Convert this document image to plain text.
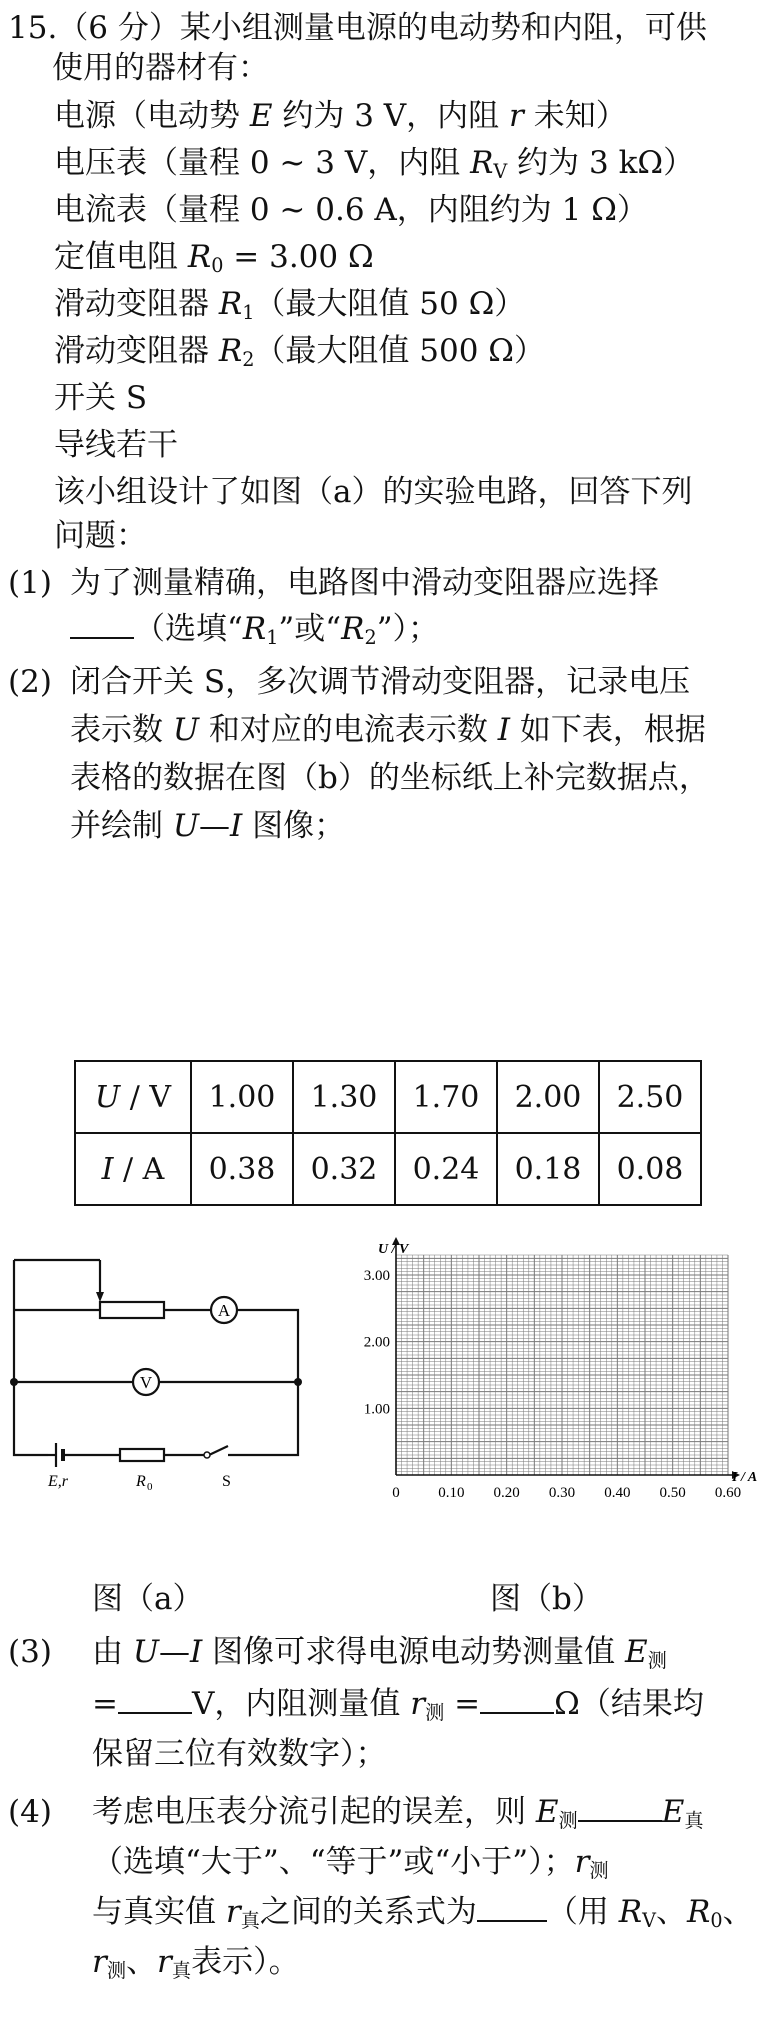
15.（6 分）某小组测量电源的电动势和内阻，可供
使用的器材有：
电源（电动势 E 约为 3 V，内阻 r 未知）
电压表（量程 0 ~ 3 V，内阻 $R_V$ 约为 3 kΩ）
电流表（量程 0 ~ 0.6 A，内阻约为 1 Ω）
定值电阻 $R_0 = 3.00$ Ω
滑动变阻器 $R_1$（最大阻值 50 Ω）
滑动变阻器 $R_2$（最大阻值 500 Ω）
开关 S
导线若干
该小组设计了如图（a）的实验电路，回答下列
问题：
(1) 为了测量精确，电路图中滑动变阻器应选择
（选填“$R_1$”或“$R_2$”）；
(2) 闭合开关 S，多次调节滑动变阻器，记录电压
表示数 U 和对应的电流表示数 I 如下表，根据
表格的数据在图（b）的坐标纸上补完数据点，
并绘制 U—I 图像；
U / V	1.00	1.30	1.70	2.00	2.50
I / A	0.38	0.32	0.24	0.18	0.08
A
V
E,r	R 0	S
0	0.10 0.20 0.30 0.40 0.50 0.60
1.00
2.00
3.00
U / V
I / A
图（a）	图（b）
(3) 由 U—I 图像可求得电源电动势测量值 $E_测$
= V，内阻测量值 $r_测 = \Omega$（结果均
保留三位有效数字）；
(4) 考虑电压表分流引起的误差，则 $E_测$	$E_真$
（选填“大于”、“等于”或“小于”）；$r_测$
与真实值 $r_真$之间的关系式为 （用 $R_V$、$R_0$、
$r_测$、$r_真$表示）。
